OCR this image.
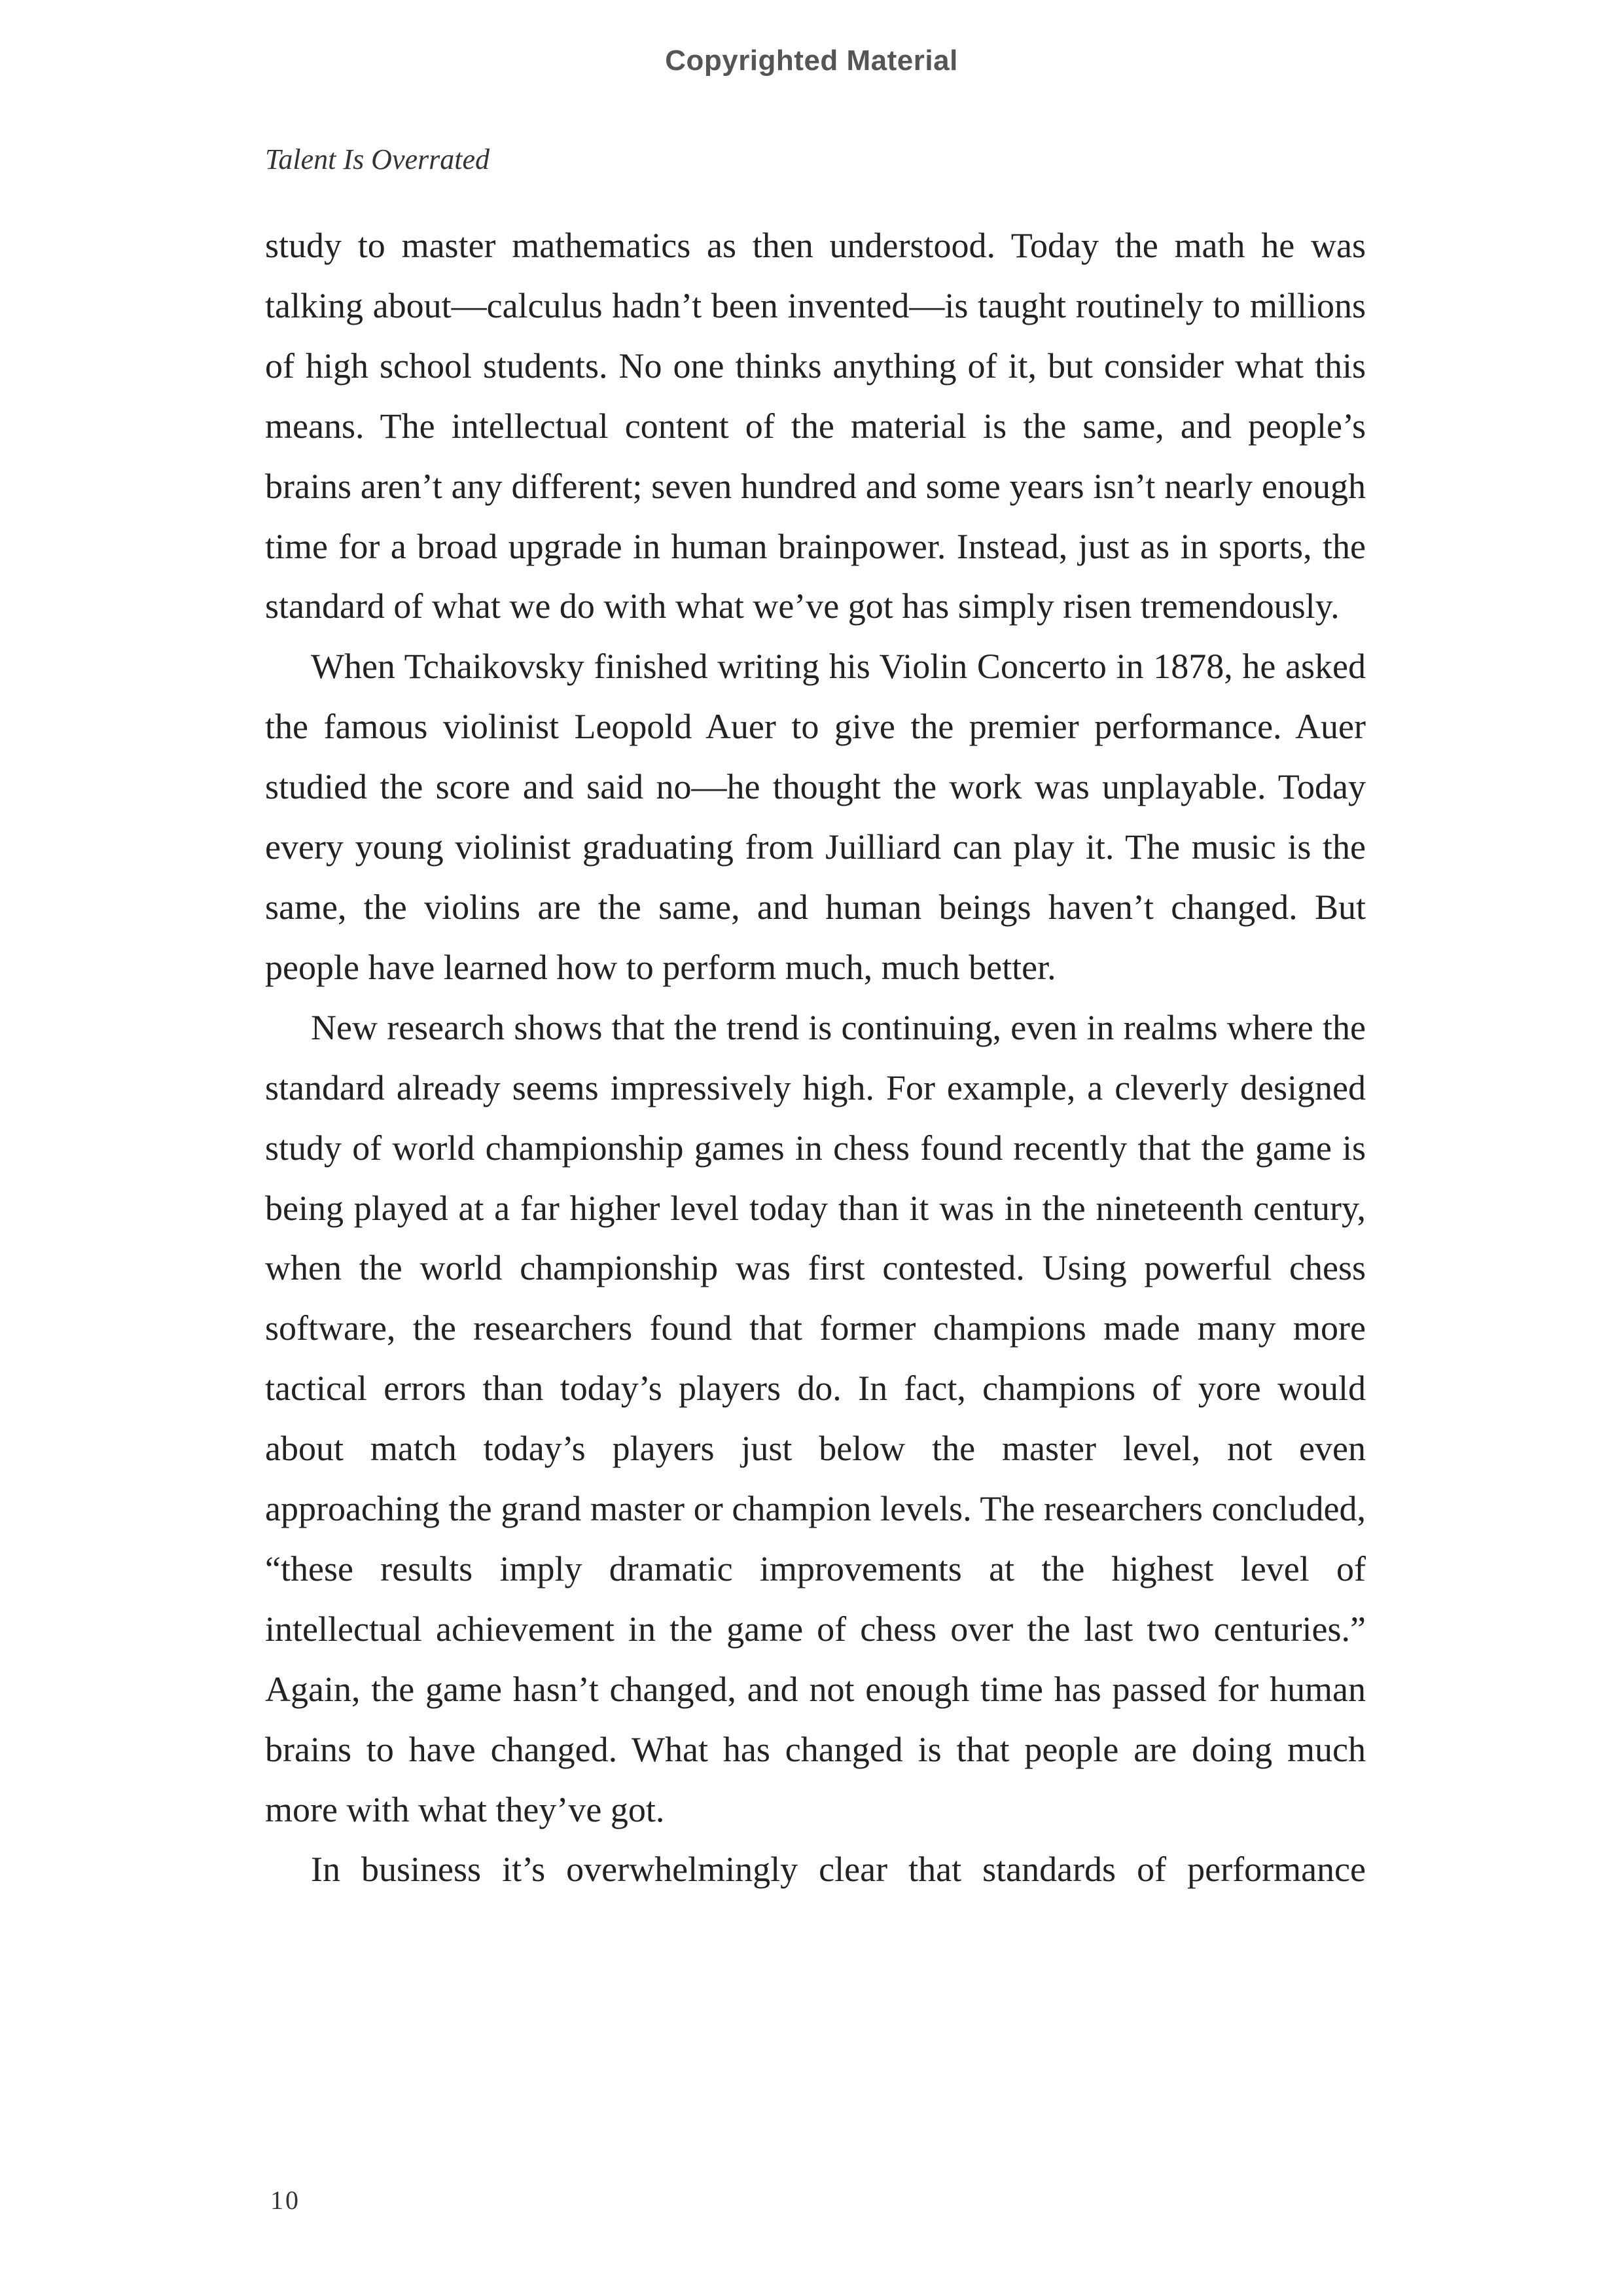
Copyrighted Material
Talent Is Overrated

study to master mathematics as then understood. Today the math he was talking about—calculus hadn’t been invented—is taught routinely to millions of high school students. No one thinks anything of it, but consider what this means. The intellectual content of the material is the same, and people’s brains aren’t any different; seven hundred and some years isn’t nearly enough time for a broad upgrade in human brainpower. Instead, just as in sports, the standard of what we do with what we’ve got has simply risen tremendously.

When Tchaikovsky finished writing his Violin Concerto in 1878, he asked the famous violinist Leopold Auer to give the premier performance. Auer studied the score and said no—he thought the work was unplayable. Today every young violinist graduating from Juilliard can play it. The music is the same, the violins are the same, and human beings haven’t changed. But people have learned how to perform much, much better.

New research shows that the trend is continuing, even in realms where the standard already seems impressively high. For example, a cleverly designed study of world championship games in chess found recently that the game is being played at a far higher level today than it was in the nineteenth century, when the world championship was first contested. Using powerful chess software, the researchers found that former champions made many more tactical errors than today’s players do. In fact, champions of yore would about match today’s players just below the master level, not even approaching the grand master or champion levels. The researchers concluded, “these results imply dramatic improvements at the highest level of intellectual achievement in the game of chess over the last two centuries.” Again, the game hasn’t changed, and not enough time has passed for human brains to have changed. What has changed is that people are doing much more with what they’ve got.

In business it’s overwhelmingly clear that standards of performance

10
